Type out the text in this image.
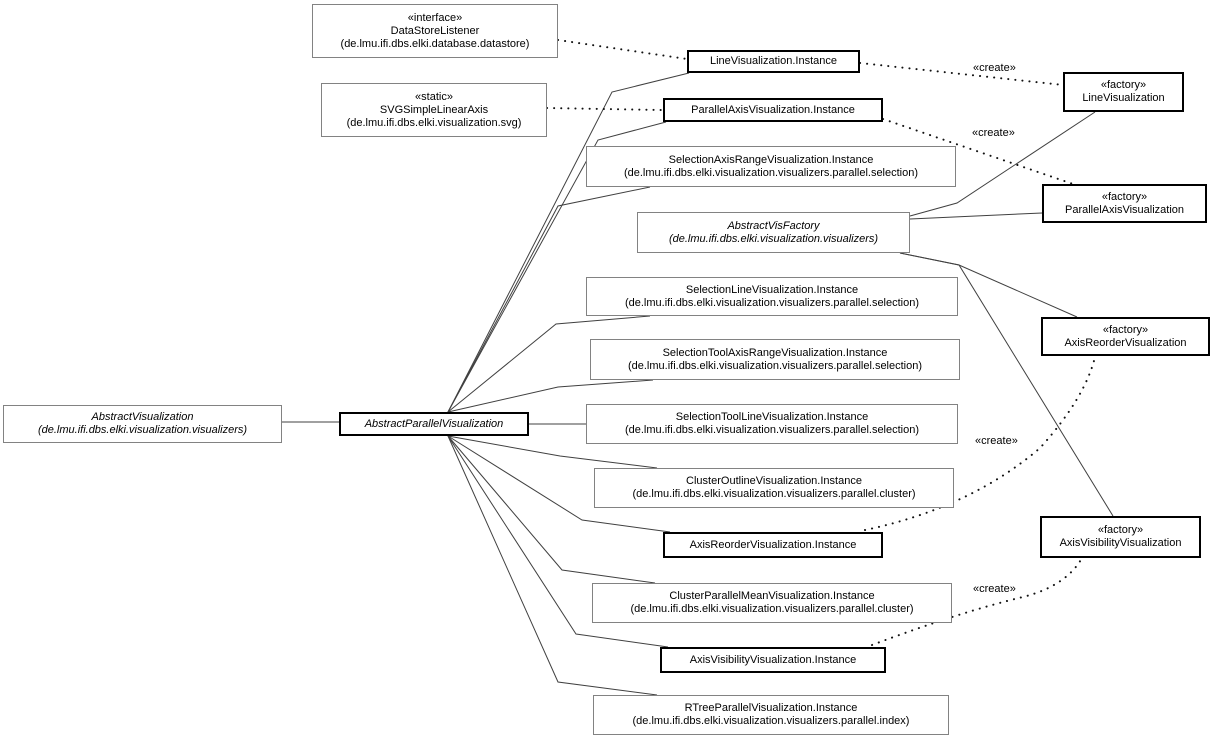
«interface»
DataStoreListener
(de.lmu.ifi.dbs.elki.database.datastore)
«static»
SVGSimpleLinearAxis
(de.lmu.ifi.dbs.elki.visualization.svg)
SelectionAxisRangeVisualization.Instance
(de.lmu.ifi.dbs.elki.visualization.visualizers.parallel.selection)
AbstractVisFactory
(de.lmu.ifi.dbs.elki.visualization.visualizers)
SelectionLineVisualization.Instance
(de.lmu.ifi.dbs.elki.visualization.visualizers.parallel.selection)
SelectionToolAxisRangeVisualization.Instance
(de.lmu.ifi.dbs.elki.visualization.visualizers.parallel.selection)
AbstractVisualization
(de.lmu.ifi.dbs.elki.visualization.visualizers)
SelectionToolLineVisualization.Instance
(de.lmu.ifi.dbs.elki.visualization.visualizers.parallel.selection)
ClusterOutlineVisualization.Instance
(de.lmu.ifi.dbs.elki.visualization.visualizers.parallel.cluster)
ClusterParallelMeanVisualization.Instance
(de.lmu.ifi.dbs.elki.visualization.visualizers.parallel.cluster)
RTreeParallelVisualization.Instance
(de.lmu.ifi.dbs.elki.visualization.visualizers.parallel.index)
LineVisualization.Instance
ParallelAxisVisualization.Instance
«factory»
LineVisualization
«factory»
ParallelAxisVisualization
«factory»
AxisReorderVisualization
AbstractParallelVisualization
AxisReorderVisualization.Instance
«factory»
AxisVisibilityVisualization
AxisVisibilityVisualization.Instance
«create»
«create»
«create»
«create»
